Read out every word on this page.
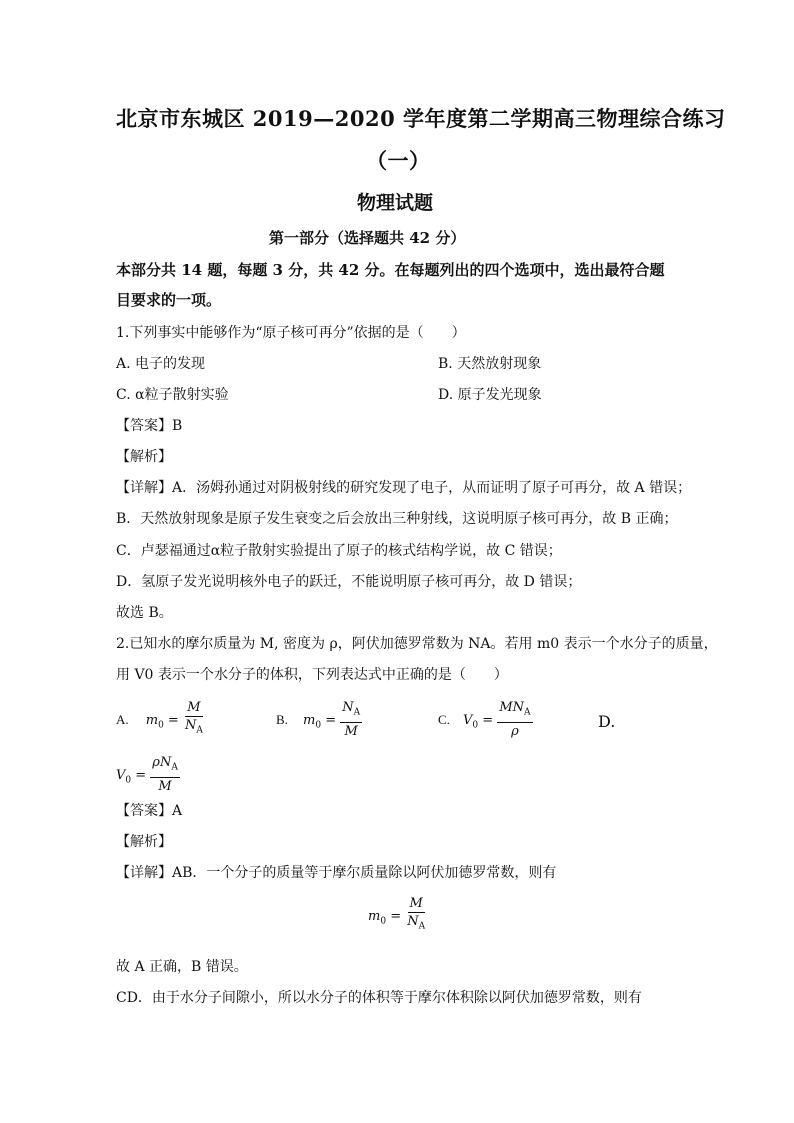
北京市东城区 2019—2020 学年度第二学期高三物理综合练习
（一）
物理试题
第一部分（选择题共 42 分）
本部分共 14 题，每题 3 分，共 42 分。在每题列出的四个选项中，选出最符合题
目要求的一项。
1.下列事实中能够作为“原子核可再分”依据的是（　　）
A. 电子的发现	B. 天然放射现象
C. α粒子散射实验	D. 原子发光现象
【答案】B
【解析】
【详解】A．汤姆孙通过对阴极射线的研究发现了电子，从而证明了原子可再分，故 A 错误；
B．天然放射现象是原子发生衰变之后会放出三种射线，这说明原子核可再分，故 B 正确；
C．卢瑟福通过α粒子散射实验提出了原子的核式结构学说，故 C 错误；
D．氢原子发光说明核外电子的跃迁，不能说明原子核可再分，故 D 错误；
故选 B。
2.已知水的摩尔质量为 M, 密度为 ρ，阿伏加德罗常数为 NA。若用 m0 表示一个水分子的质量，
用 V0 表示一个水分子的体积，下列表达式中正确的是（　　）
A. $m_0 = \frac{M}{N_A}$	B. $m_0 = \frac{N_A}{M}$	C. $V_0 = \frac{MN_A}{\rho}$	D.
$V_0 = \frac{\rho N_A}{M}$
【答案】A
【解析】
【详解】AB．一个分子的质量等于摩尔质量除以阿伏加德罗常数，则有
$m_0 = \frac{M}{N_A}$
故 A 正确，B 错误。
CD．由于水分子间隙小，所以水分子的体积等于摩尔体积除以阿伏加德罗常数，则有
